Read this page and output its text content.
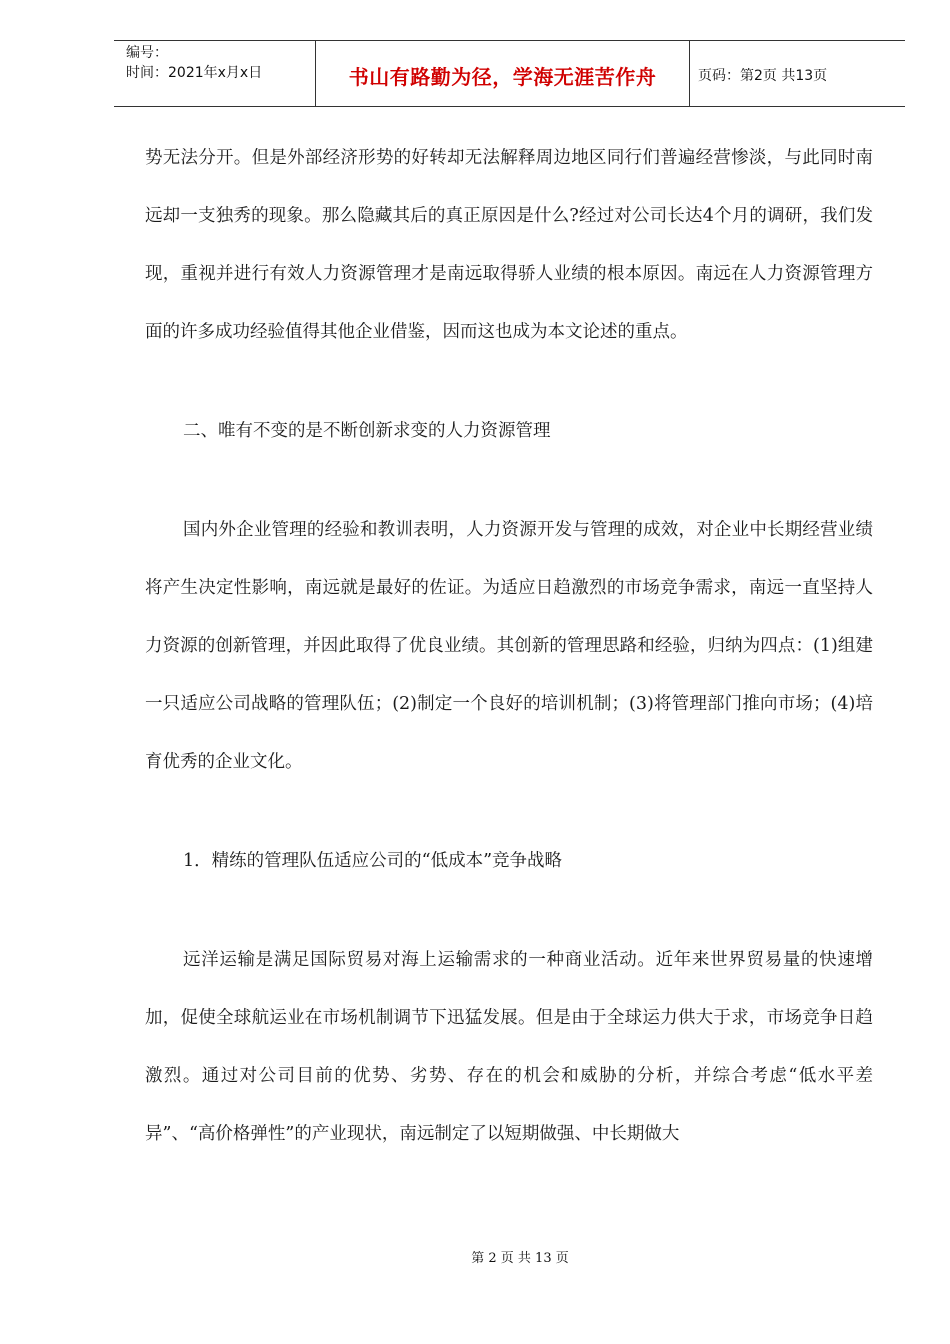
编号：
时间：2021年x月x日	书山有路勤为径，学海无涯苦作舟	页码：第2页 共13页

势无法分开。但是外部经济形势的好转却无法解释周边地区同行们普遍经营惨淡，与此同时南远却一支独秀的现象。那么隐藏其后的真正原因是什么?经过对公司长达4个月的调研，我们发现，重视并进行有效人力资源管理才是南远取得骄人业绩的根本原因。南远在人力资源管理方面的许多成功经验值得其他企业借鉴，因而这也成为本文论述的重点。

二、唯有不变的是不断创新求变的人力资源管理

国内外企业管理的经验和教训表明，人力资源开发与管理的成效，对企业中长期经营业绩将产生决定性影响，南远就是最好的佐证。为适应日趋激烈的市场竞争需求，南远一直坚持人力资源的创新管理，并因此取得了优良业绩。其创新的管理思路和经验，归纳为四点：(1)组建一只适应公司战略的管理队伍；(2)制定一个良好的培训机制；(3)将管理部门推向市场；(4)培育优秀的企业文化。

1．精练的管理队伍适应公司的“低成本”竞争战略

远洋运输是满足国际贸易对海上运输需求的一种商业活动。近年来世界贸易量的快速增加，促使全球航运业在市场机制调节下迅猛发展。但是由于全球运力供大于求，市场竞争日趋激烈。通过对公司目前的优势、劣势、存在的机会和威胁的分析，并综合考虑“低水平差异”、“高价格弹性”的产业现状，南远制定了以短期做强、中长期做大

第 2 页 共 13 页
